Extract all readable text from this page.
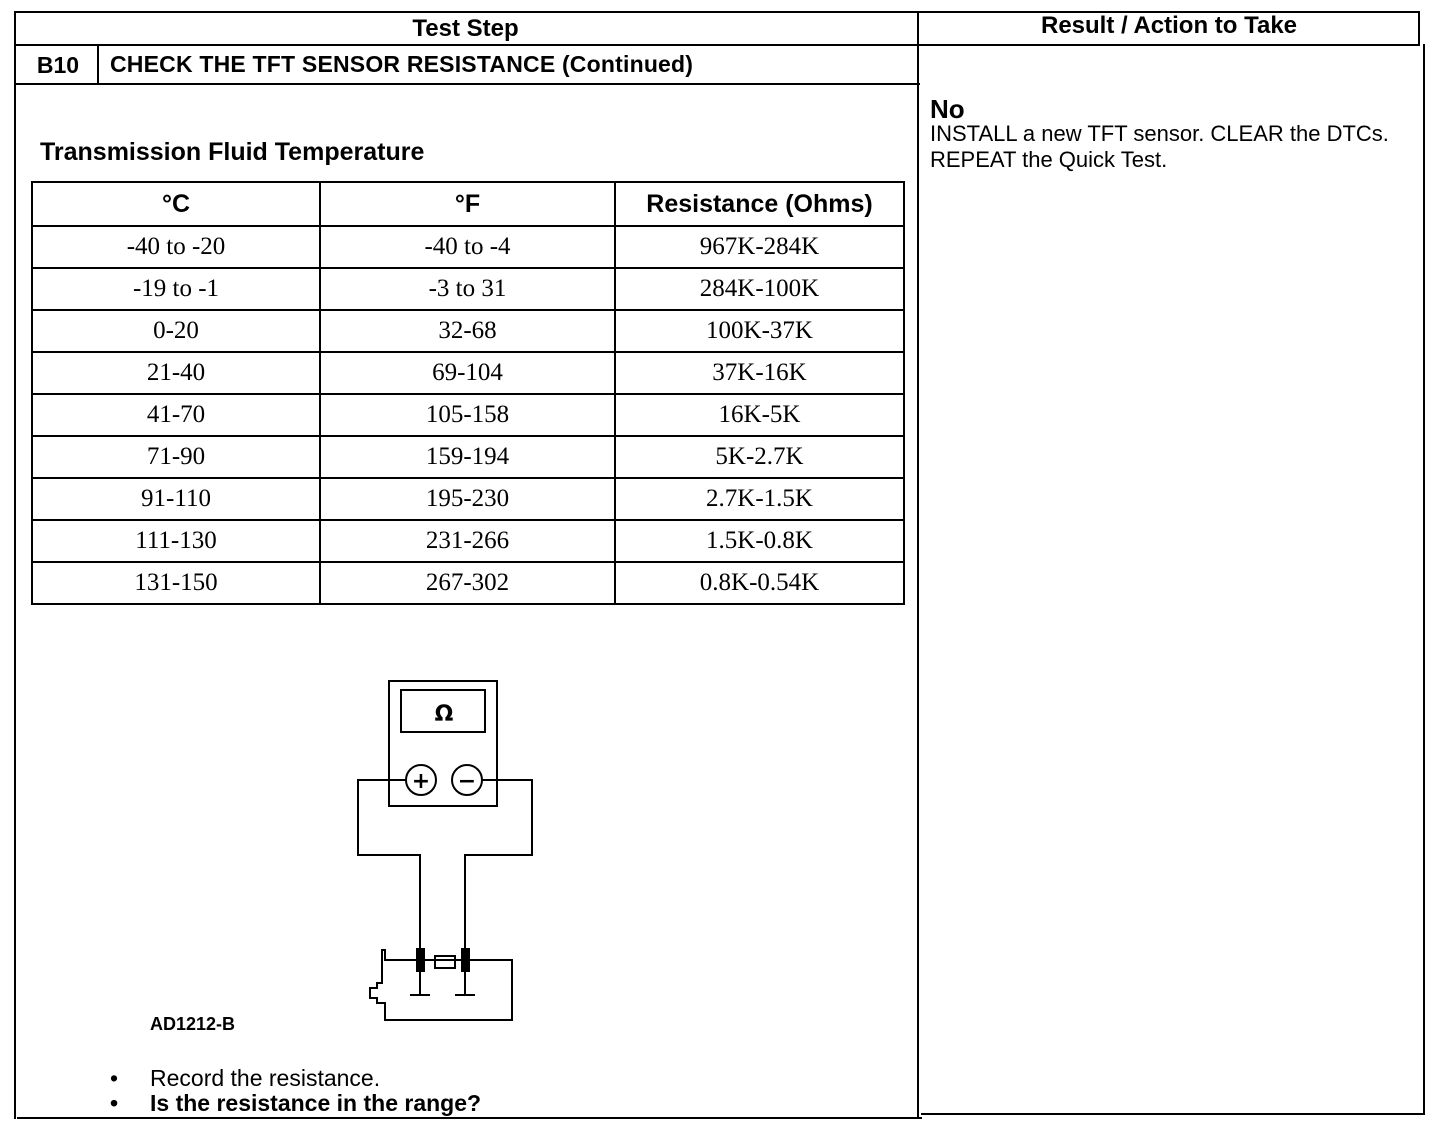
Test Step	Result / Action to Take
B10	CHECK THE TFT SENSOR RESISTANCE (Continued)
Transmission Fluid Temperature
°C	°F	Resistance (Ohms)
-40 to -20	-40 to -4	967K-284K
-19 to -1	-3 to 31	284K-100K
0-20	32-68	100K-37K
21-40	69-104	37K-16K
41-70	105-158	16K-5K
71-90	159-194	5K-2.7K
91-110	195-230	2.7K-1.5K
111-130	231-266	1.5K-0.8K
131-150	267-302	0.8K-0.54K
Ω
+ −
AD1212-B
•	Record the resistance.
•	Is the resistance in the range?
No
INSTALL a new TFT sensor. CLEAR the DTCs. REPEAT the Quick Test.
